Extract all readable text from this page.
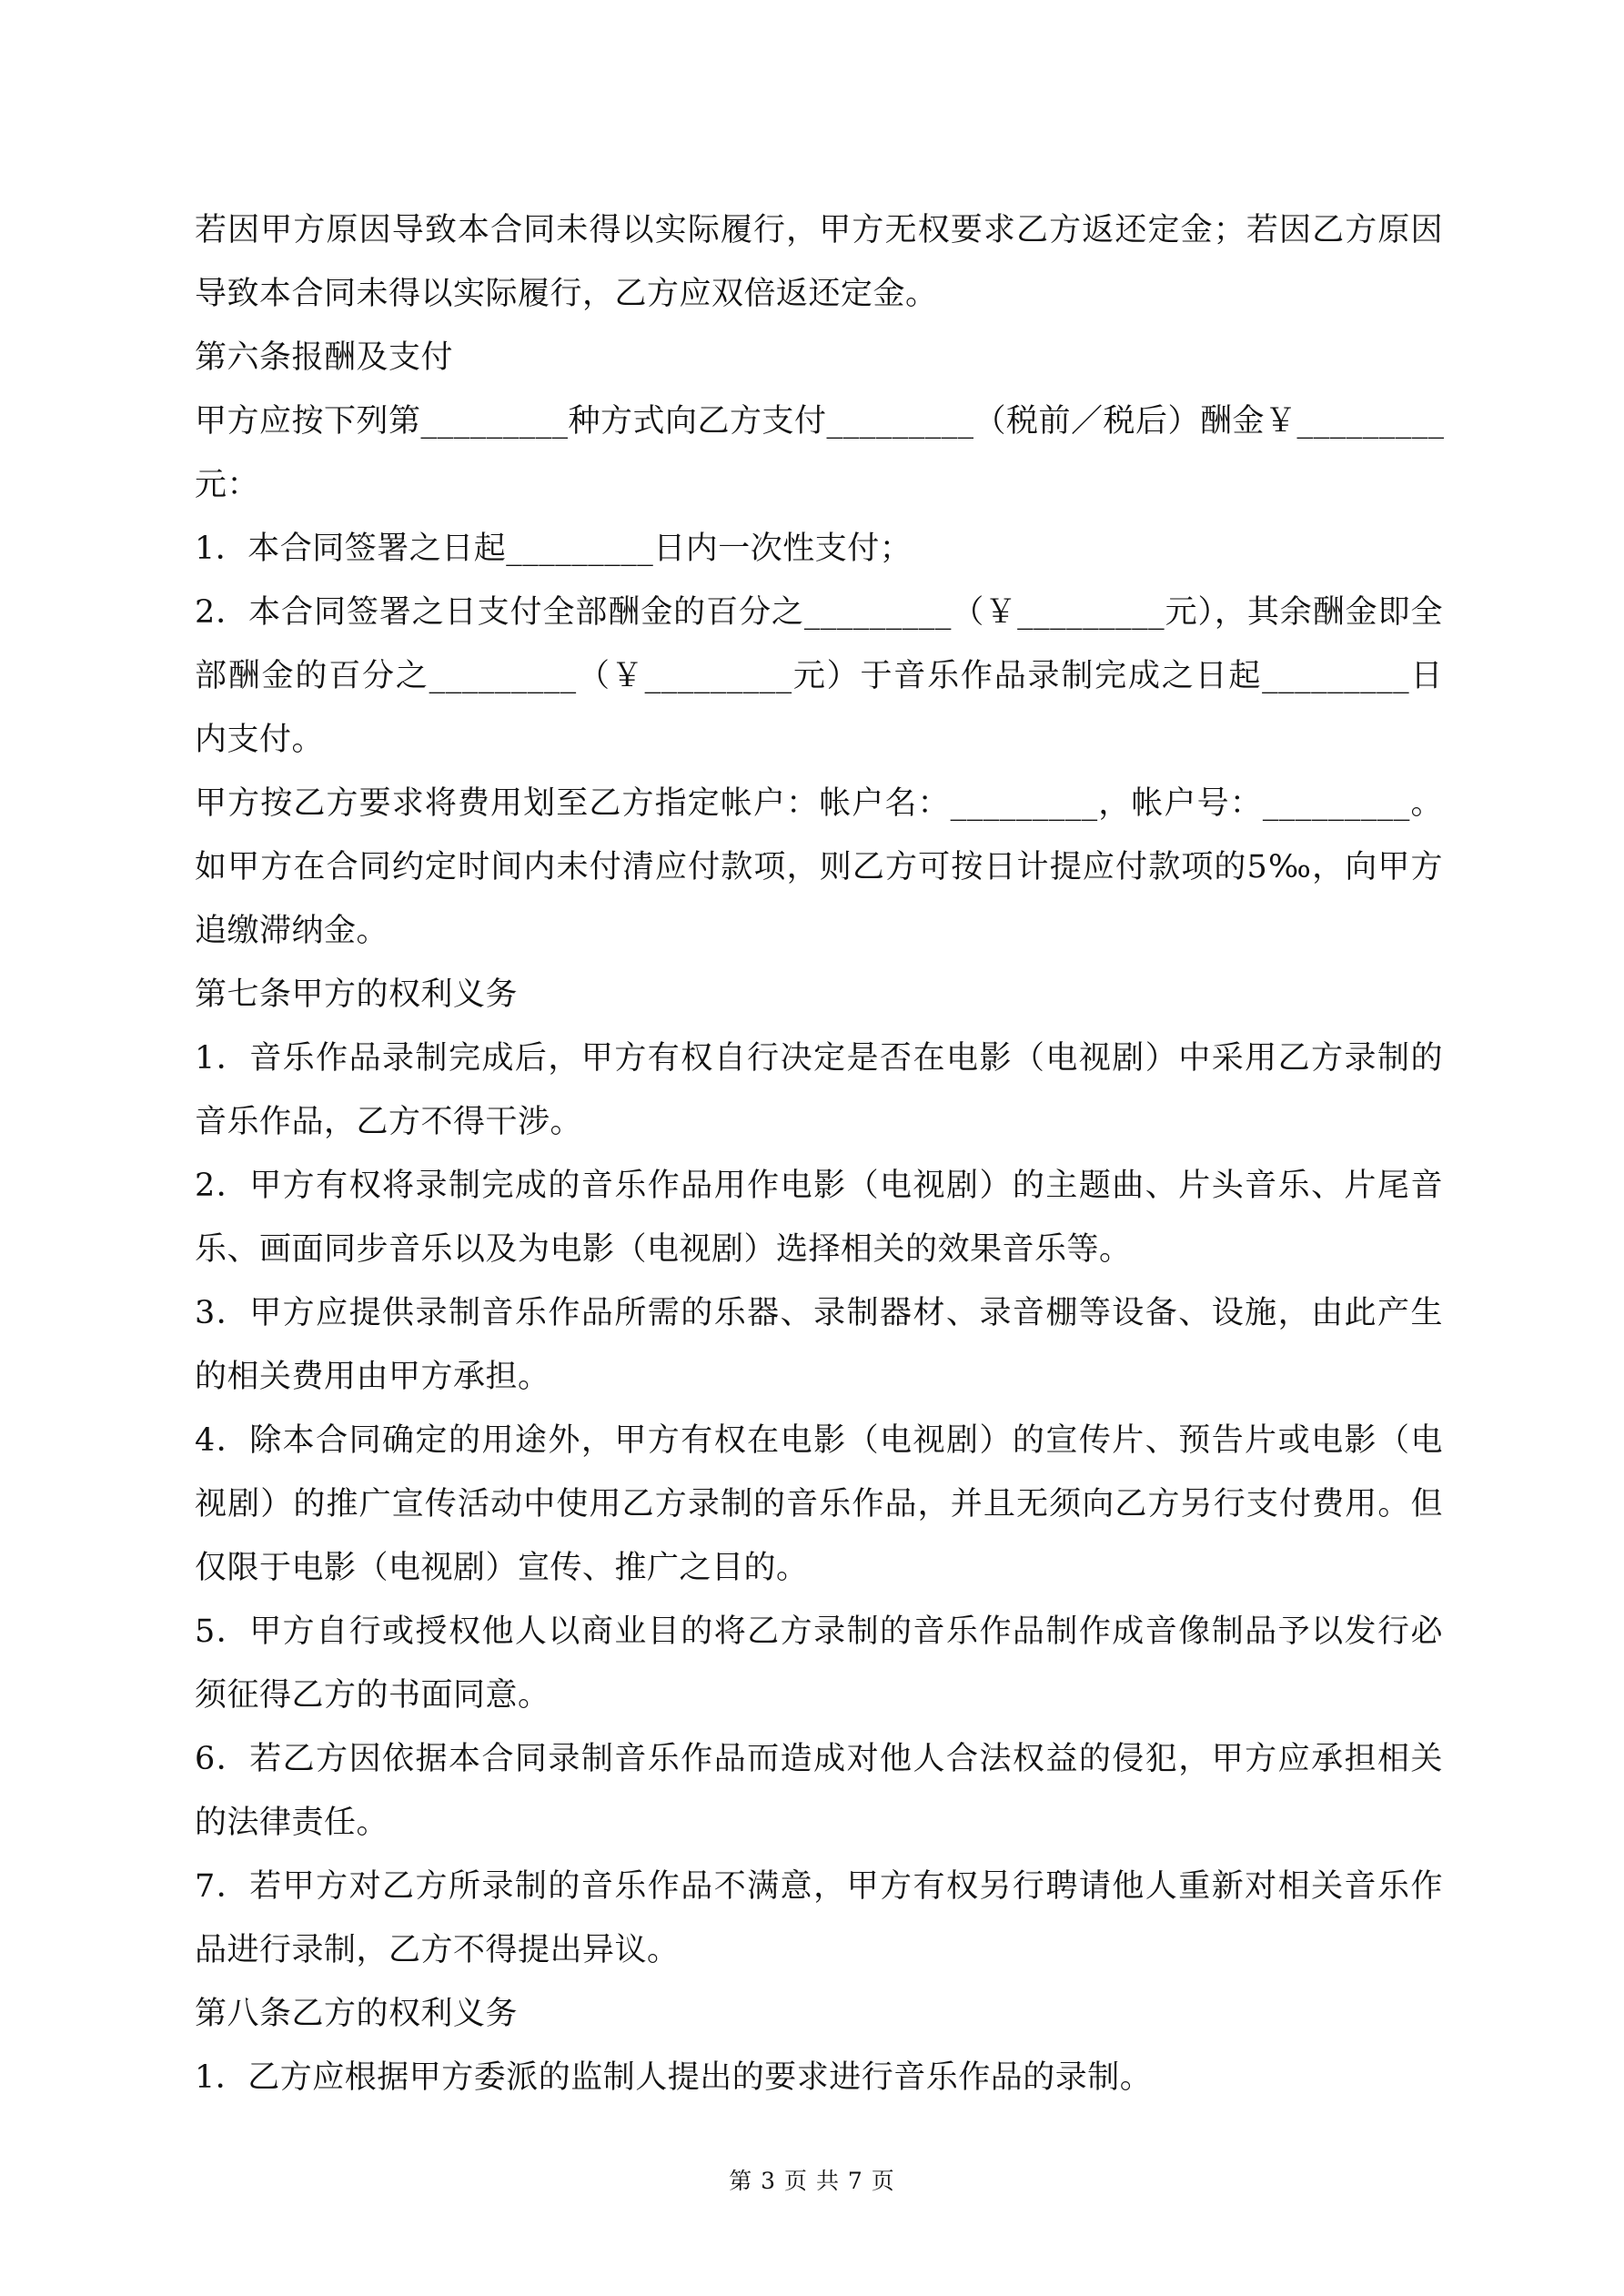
若因甲方原因导致本合同未得以实际履行，甲方无权要求乙方返还定金；若因乙方原因
导致本合同未得以实际履行，乙方应双倍返还定金。
第六条报酬及支付
甲方应按下列第_________种方式向乙方支付_________（税前／税后）酬金￥_________
元：
1．本合同签署之日起_________日内一次性支付；
2．本合同签署之日支付全部酬金的百分之_________（￥_________元），其余酬金即全
部酬金的百分之_________（￥_________元）于音乐作品录制完成之日起_________日
内支付。
甲方按乙方要求将费用划至乙方指定帐户：帐户名：_________，帐户号：_________。
如甲方在合同约定时间内未付清应付款项，则乙方可按日计提应付款项的5‰，向甲方
追缴滞纳金。
第七条甲方的权利义务
1．音乐作品录制完成后，甲方有权自行决定是否在电影（电视剧）中采用乙方录制的
音乐作品，乙方不得干涉。
2．甲方有权将录制完成的音乐作品用作电影（电视剧）的主题曲、片头音乐、片尾音
乐、画面同步音乐以及为电影（电视剧）选择相关的效果音乐等。
3．甲方应提供录制音乐作品所需的乐器、录制器材、录音棚等设备、设施，由此产生
的相关费用由甲方承担。
4．除本合同确定的用途外，甲方有权在电影（电视剧）的宣传片、预告片或电影（电
视剧）的推广宣传活动中使用乙方录制的音乐作品，并且无须向乙方另行支付费用。但
仅限于电影（电视剧）宣传、推广之目的。
5．甲方自行或授权他人以商业目的将乙方录制的音乐作品制作成音像制品予以发行必
须征得乙方的书面同意。
6．若乙方因依据本合同录制音乐作品而造成对他人合法权益的侵犯，甲方应承担相关
的法律责任。
7．若甲方对乙方所录制的音乐作品不满意，甲方有权另行聘请他人重新对相关音乐作
品进行录制，乙方不得提出异议。
第八条乙方的权利义务
1．乙方应根据甲方委派的监制人提出的要求进行音乐作品的录制。
第 3 页 共 7 页
